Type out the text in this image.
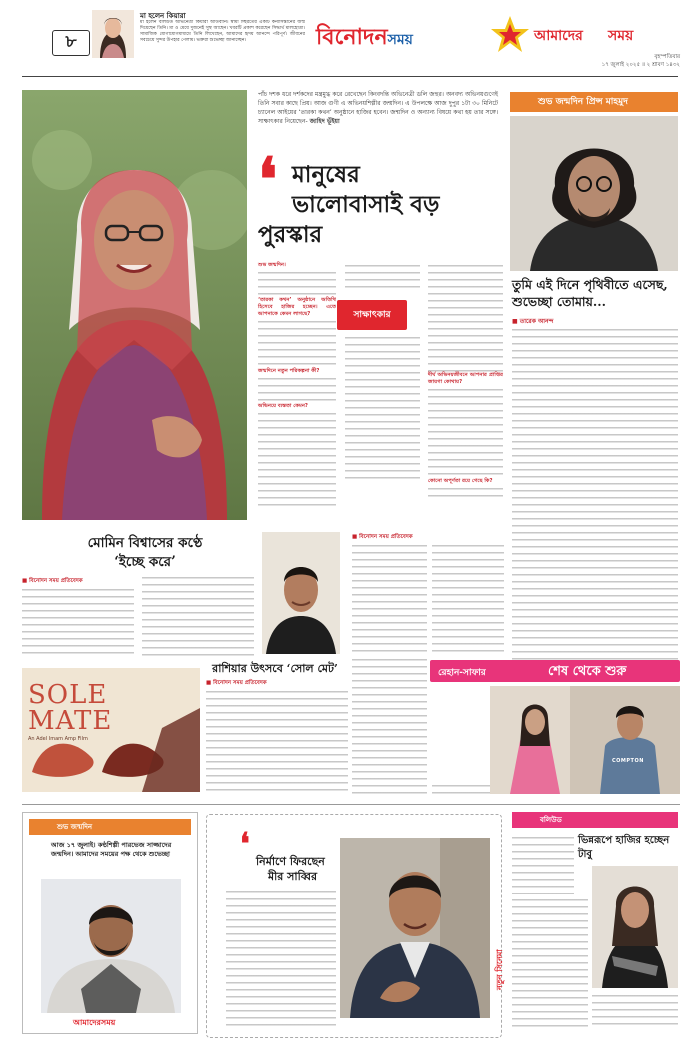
৮
মা হলেন কিয়ারা
মা হলেন বলিউড অভিনেত্রী কিয়ারা আডবানি। স্বামী চ্ছিরতের একটি কন্যাসন্তানের জন্ম দিয়েছেন তিনি। মা ও মেয়ে দুজনেই সুস্থ আছেন। খবরটি প্রকাশ করেছেন সিদ্ধার্থ মালহোত্রা। সামাজিক যোগাযোগমাধ্যমে তিনি লিখেছেন, আমাদের হৃদয় আনন্দে পরিপূর্ণ। জীবনের সবচেয়ে সুন্দর উপহার পেলাম। ভক্তরা শুভেচ্ছা জানাচ্ছেন।	বিনোদনসময়	আমাদের সময়
বৃহস্পতিবার
১৭ জুলাই ২০২৫ ॥ ২ শ্রাবণ ১৪৩২
পাঁচ দশক ধরে দর্শকদের মন্ত্রমুগ্ধ করে রেখেছেন কিংবদন্তি অভিনেত্রী ডলি জহুর। অনবদ্য অভিনয়গুণেই তিনি সবার কাছে প্রিয়। আজ গুণী এ অভিনয়শিল্পীর জন্মদিন। এ উপলক্ষে আজ দুপুর ১টা ৩০ মিনিটে চ্যানেল আইয়ের ‘তারকা কথন’ অনুষ্ঠানে হাজির হবেন। জন্মদিন ও অন্যান্য বিষয়ে কথা হয় তার সঙ্গে। সাক্ষাৎকার নিয়েছেন- জাহিদ ভূঁইয়া
❛ মানুষের
ভালোবাসাই বড়
পুরস্কার
শুভ জন্মদিন।
‘তারকা কথন’ অনুষ্ঠানে অতিথি হিসেবে হাজির হচ্ছেন। এতে আপনাকে কেমন লাগছে?
জন্মদিনে নতুন পরিকল্পনা কী?
অভিনয়ে ব্যস্ততা কেমন?
সাক্ষাৎকার
দীর্ঘ অভিনয়জীবনে আপনার প্রাপ্তির জায়গা কোথায়?
কোনো অপূর্ণতা রয়ে গেছে কি?
শুভ জন্মদিন প্রিন্স মাহমুদ
তুমি এই দিনে পৃথিবীতে এসেছ, শুভেচ্ছা তোমায়...
■ তারেক আনন্দ
মোমিন বিশ্বাসের কণ্ঠে
‘ইচ্ছে করে’
■ বিনোদন সময় প্রতিবেদক
■ বিনোদন সময় প্রতিবেদক
রেহান-সাফার	শেষ থেকে শুরু
COMPTON
রাশিয়ার উৎসবে ‘সোল মেট’
SOLE MATE
An Adel Imam Amp Film
■ বিনোদন সময় প্রতিবেদক
শুভ জন্মদিন
আজ ১৭ জুলাই। কণ্ঠশিল্পী পারভেজ সাজ্জাদের জন্মদিন। আমাদের সময়ের পক্ষ থেকে শুভেচ্ছা
আমাদেরসময়
❛ নির্মাণে ফিরছেন
মীর সাব্বির
নতুন সিনেমা
বলিউড
ভিন্নরূপে হাজির হচ্ছেন টাবু
